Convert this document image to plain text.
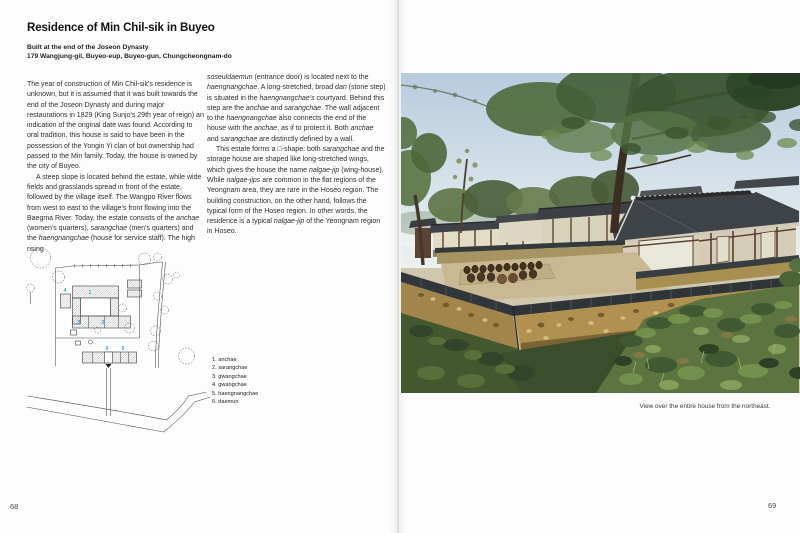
Residence of Min Chil-sik in Buyeo
Built at the end of the Joseon Dynasty
179 Wangjung-gil, Buyeo-eup, Buyeo-gun, Chungcheongnam-do

The year of construction of Min Chil-sik's residence is unknown, but it is assumed that it was built towards the end of the Joseon Dynasty and during major restaurations in 1829 (King Sunjo's 29th year of reign) an indication of the original date was found. According to oral tradition, this house is said to have been in the possession of the Yongin Yi clan of but ownership had passed to the Min family. Today, the house is owned by the city of Buyeo.

A steep slope is located behind the estate, while wide fields and grasslands spread in front of the estate, followed by the village itself. The Wangpo River flows from west to east to the village's front flowing into the Baegma River. Today, the estate consists of the anchae (women's quarters), sarangchae (men's quarters) and the haengnangchae (house for service staff). The high rising

soseuldaemun (entrance door) is located next to the haengnangchae. A long-stretched, broad dan (stone step) is situated in the haengnangchae's courtyard. Behind this step are the anchae and sarangchae. The wall adjacent to the haengnangchae also connects the end of the house with the anchae, as if to protect it. Both anchae and sarangchae are distinctly defined by a wall.

This estate forms a □-shape: both sarangchae and the storage house are shaped like long-stretched wings, which gives the house the name nalgae-jip (wing-house). While nalgae-jips are common in the flat regions of the Yeongnam area, they are rare in the Hoseo region. The building construction, on the other hand, follows the typical form of the Hoseo region. In other words, the residence is a typical nalgae-jip of the Yeongnam region in Hoseo.

1
2
3
4
5
6
1. anchae
2. sarangchae
3. gwangchae
4. gwangchae
5. haengnangchae
6. daemun
68
View over the entire house from the northeast.
69
